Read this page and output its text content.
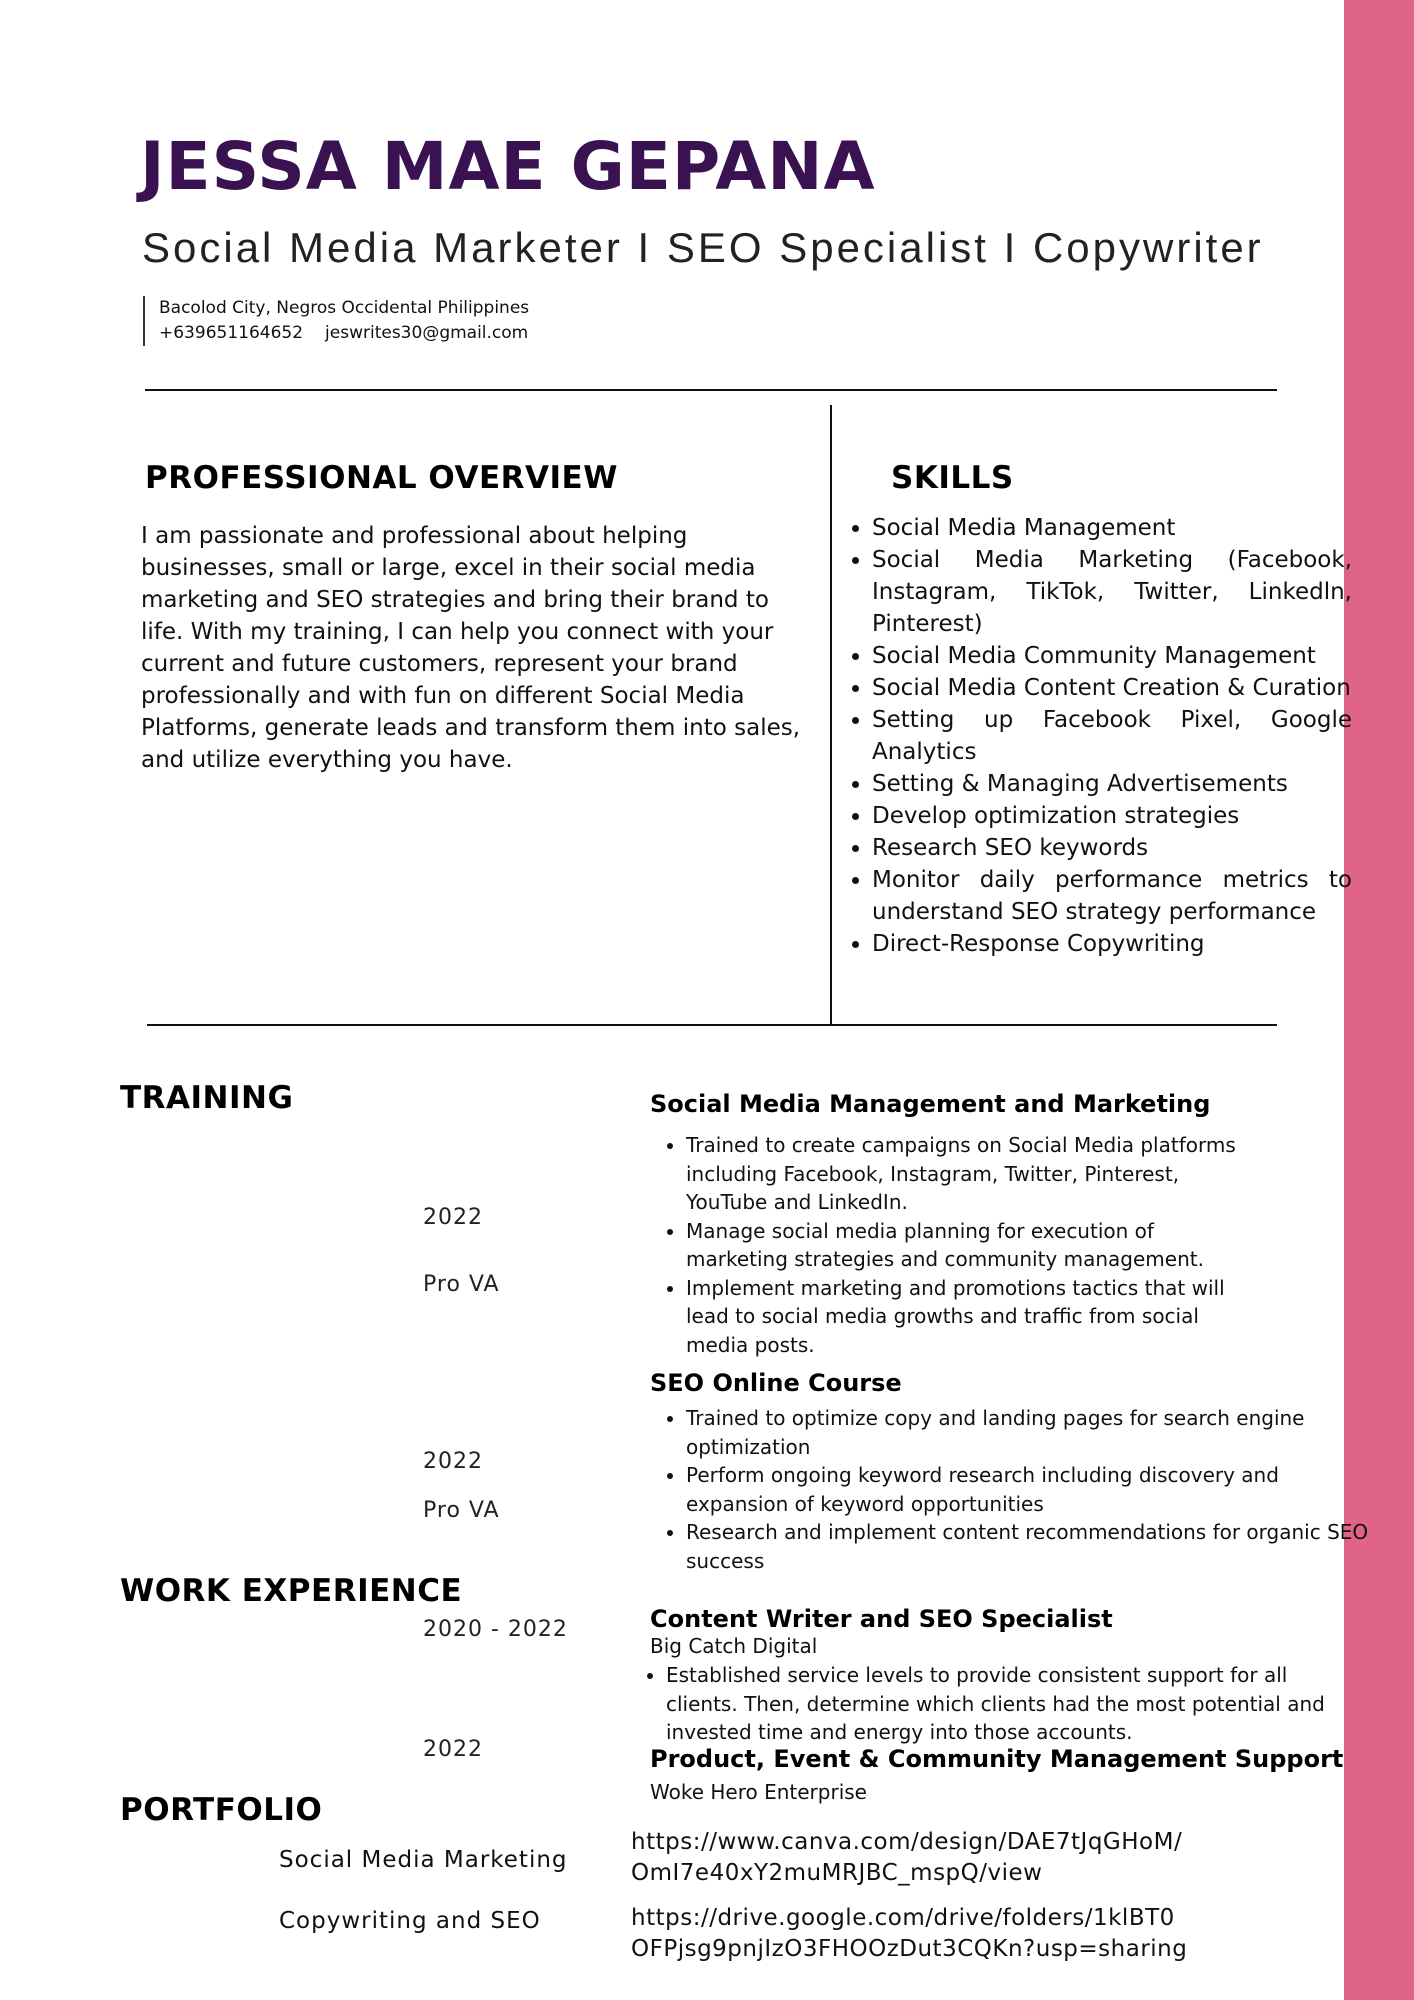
JESSA MAE GEPANA
Social Media Marketer I SEO Specialist I Copywriter
Bacolod City, Negros Occidental Philippines
+639651164652 jeswrites30@gmail.com
PROFESSIONAL OVERVIEW
I am passionate and professional about helping businesses, small or large, excel in their social media marketing and SEO strategies and bring their brand to life. With my training, I can help you connect with your current and future customers, represent your brand professionally and with fun on different Social Media Platforms, generate leads and transform them into sales, and utilize everything you have.
SKILLS
• Social Media Management
• Social Media Marketing (Facebook, Instagram, TikTok, Twitter, Linkedln, Pinterest)
• Social Media Community Management
• Social Media Content Creation & Curation
• Setting up Facebook Pixel, Google Analytics
• Setting & Managing Advertisements
• Develop optimization strategies
• Research SEO keywords
• Monitor daily performance metrics to understand SEO strategy performance
• Direct-Response Copywriting
TRAINING
2022
Pro VA
Social Media Management and Marketing
• Trained to create campaigns on Social Media platforms including Facebook, Instagram, Twitter, Pinterest, YouTube and LinkedIn.
• Manage social media planning for execution of marketing strategies and community management.
• Implement marketing and promotions tactics that will lead to social media growths and traffic from social media posts.
2022
Pro VA
SEO Online Course
• Trained to optimize copy and landing pages for search engine optimization
• Perform ongoing keyword research including discovery and expansion of keyword opportunities
• Research and implement content recommendations for organic SEO success
WORK EXPERIENCE
2020 - 2022	Content Writer and SEO Specialist
Big Catch Digital
• Established service levels to provide consistent support for all clients. Then, determine which clients had the most potential and invested time and energy into those accounts.
2022	Product, Event & Community Management Support
Woke Hero Enterprise
PORTFOLIO
Social Media Marketing
https://www.canva.com/design/DAE7tJqGHoM/
OmI7e40xY2muMRJBC_mspQ/view
Copywriting and SEO	https://drive.google.com/drive/folders/1klBT0
OFPjsg9pnjIzO3FHOOzDut3CQKn?usp=sharing
